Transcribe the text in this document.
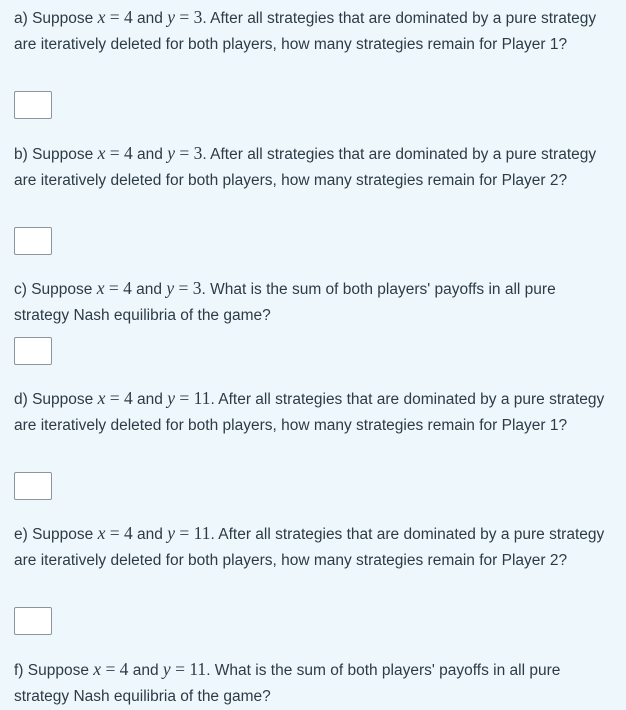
a) Suppose x = 4 and y = 3. After all strategies that are dominated by a pure strategy are iteratively deleted for both players, how many strategies remain for Player 1?

b) Suppose x = 4 and y = 3. After all strategies that are dominated by a pure strategy are iteratively deleted for both players, how many strategies remain for Player 2?

c) Suppose x = 4 and y = 3. What is the sum of both players' payoffs in all pure strategy Nash equilibria of the game?

d) Suppose x = 4 and y = 11. After all strategies that are dominated by a pure strategy are iteratively deleted for both players, how many strategies remain for Player 1?

e) Suppose x = 4 and y = 11. After all strategies that are dominated by a pure strategy are iteratively deleted for both players, how many strategies remain for Player 2?

f) Suppose x = 4 and y = 11. What is the sum of both players' payoffs in all pure strategy Nash equilibria of the game?
